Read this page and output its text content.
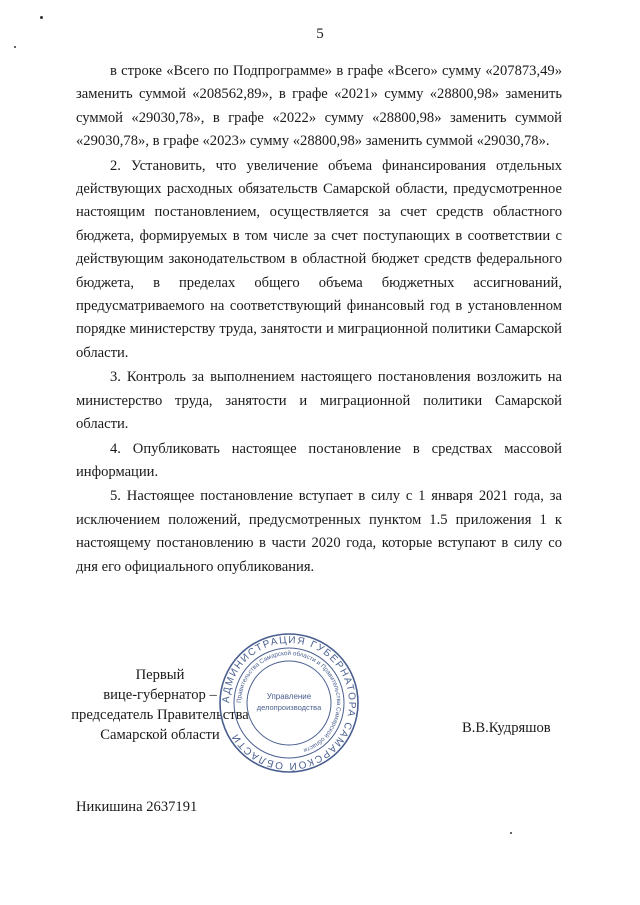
5

в строке «Всего по Подпрограмме» в графе «Всего» сумму «207873,49» заменить суммой «208562,89», в графе «2021» сумму «28800,98» заменить суммой «29030,78», в графе «2022» сумму «28800,98» заменить суммой «29030,78», в графе «2023» сумму «28800,98» заменить суммой «29030,78».

2. Установить, что увеличение объема финансирования отдельных действующих расходных обязательств Самарской области, предусмотренное настоящим постановлением, осуществляется за счет средств областного бюджета, формируемых в том числе за счет поступающих в соответствии с действующим законодательством в областной бюджет средств федерального бюджета, в пределах общего объема бюджетных ассигнований, предусматриваемого на соответствующий финансовый год в установленном порядке министерству труда, занятости и миграционной политики Самарской области.

3. Контроль за выполнением настоящего постановления возложить на министерство труда, занятости и миграционной политики Самарской области.

4. Опубликовать настоящее постановление в средствах массовой информации.

5. Настоящее постановление вступает в силу с 1 января 2021 года, за исключением положений, предусмотренных пунктом 1.5 приложения 1 к настоящему постановлению в части 2020 года, которые вступают в силу со дня его официального опубликования.

Первый
вице-губернатор –
председатель Правительства
Самарской области
АДМИНИСТРАЦИЯ ГУБЕРНАТОРА САМАРСКОЙ ОБЛАСТИ
Правительства Самарской области и Правительства Самарской области
Управление
делопроизводства
В.В.Кудряшов
Никишина 2637191
